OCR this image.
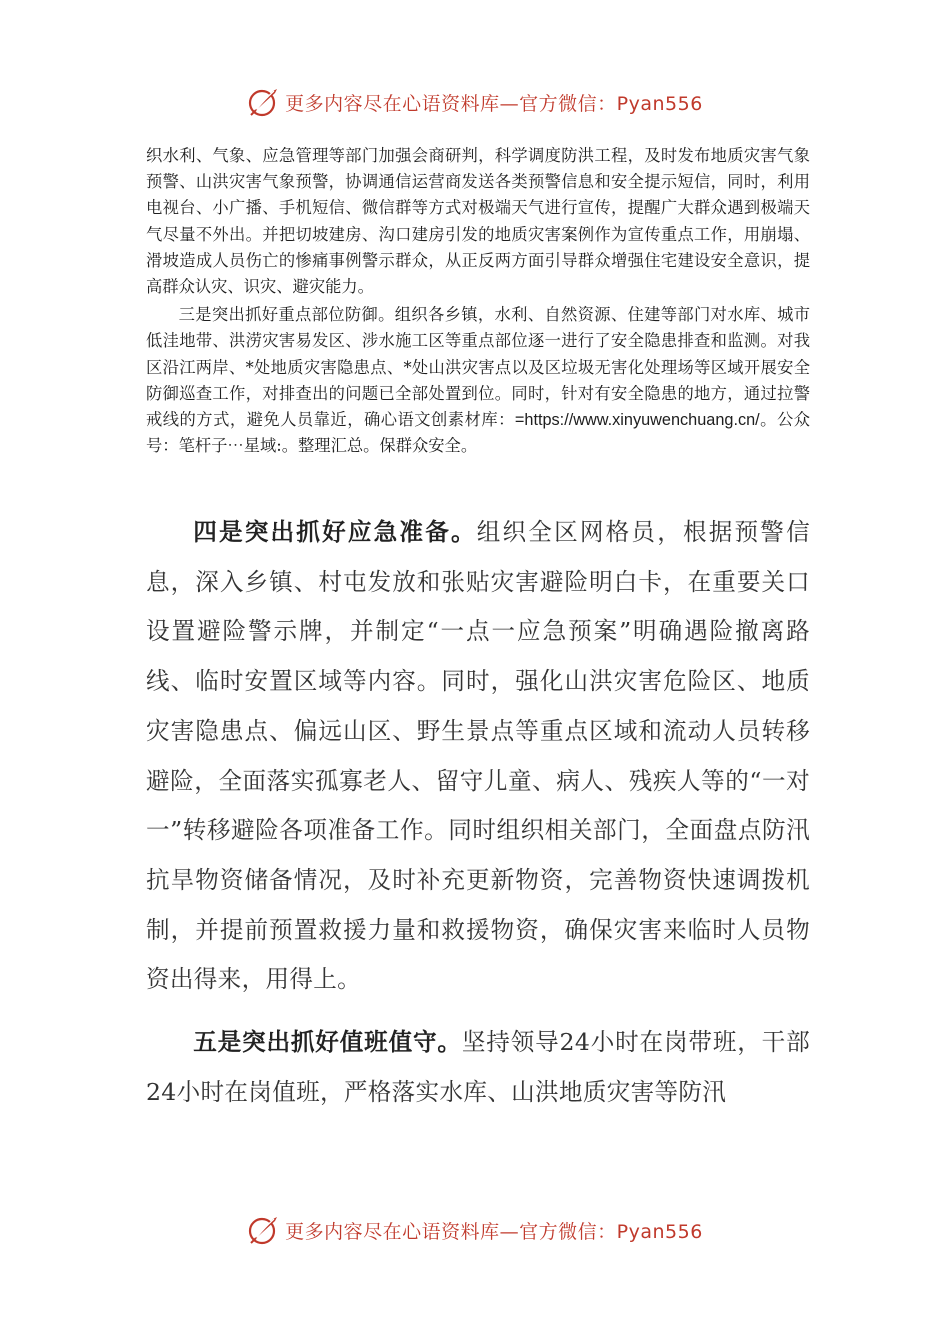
更多内容尽在心语资料库—官方微信：Pyan556

织水利、气象、应急管理等部门加强会商研判，科学调度防洪工程，及时发布地质灾害气象预警、山洪灾害气象预警，协调通信运营商发送各类预警信息和安全提示短信，同时，利用电视台、小广播、手机短信、微信群等方式对极端天气进行宣传，提醒广大群众遇到极端天气尽量不外出。并把切坡建房、沟口建房引发的地质灾害案例作为宣传重点工作，用崩塌、滑坡造成人员伤亡的惨痛事例警示群众，从正反两方面引导群众增强住宅建设安全意识，提高群众认灾、识灾、避灾能力。

三是突出抓好重点部位防御。组织各乡镇，水利、自然资源、住建等部门对水库、城市低洼地带、洪涝灾害易发区、涉水施工区等重点部位逐一进行了安全隐患排查和监测。对我区沿江两岸、*处地质灾害隐患点、*处山洪灾害点以及区垃圾无害化处理场等区域开展安全防御巡查工作，对排查出的问题已全部处置到位。同时，针对有安全隐患的地方，通过拉警戒线的方式，避免人员靠近，确心语文创素材库：=https://www.xinyuwenchuang.cn/。公众号：笔杆子⋯星域:。整理汇总。保群众安全。

四是突出抓好应急准备。组织全区网格员，根据预警信息，深入乡镇、村屯发放和张贴灾害避险明白卡，在重要关口设置避险警示牌，并制定“一点一应急预案”明确遇险撤离路线、临时安置区域等内容。同时，强化山洪灾害危险区、地质灾害隐患点、偏远山区、野生景点等重点区域和流动人员转移避险，全面落实孤寡老人、留守儿童、病人、残疾人等的“一对一”转移避险各项准备工作。同时组织相关部门，全面盘点防汛抗旱物资储备情况，及时补充更新物资，完善物资快速调拨机制，并提前预置救援力量和救援物资，确保灾害来临时人员物资出得来，用得上。

五是突出抓好值班值守。坚持领导24小时在岗带班，干部24小时在岗值班，严格落实水库、山洪地质灾害等防汛

更多内容尽在心语资料库—官方微信：Pyan556
